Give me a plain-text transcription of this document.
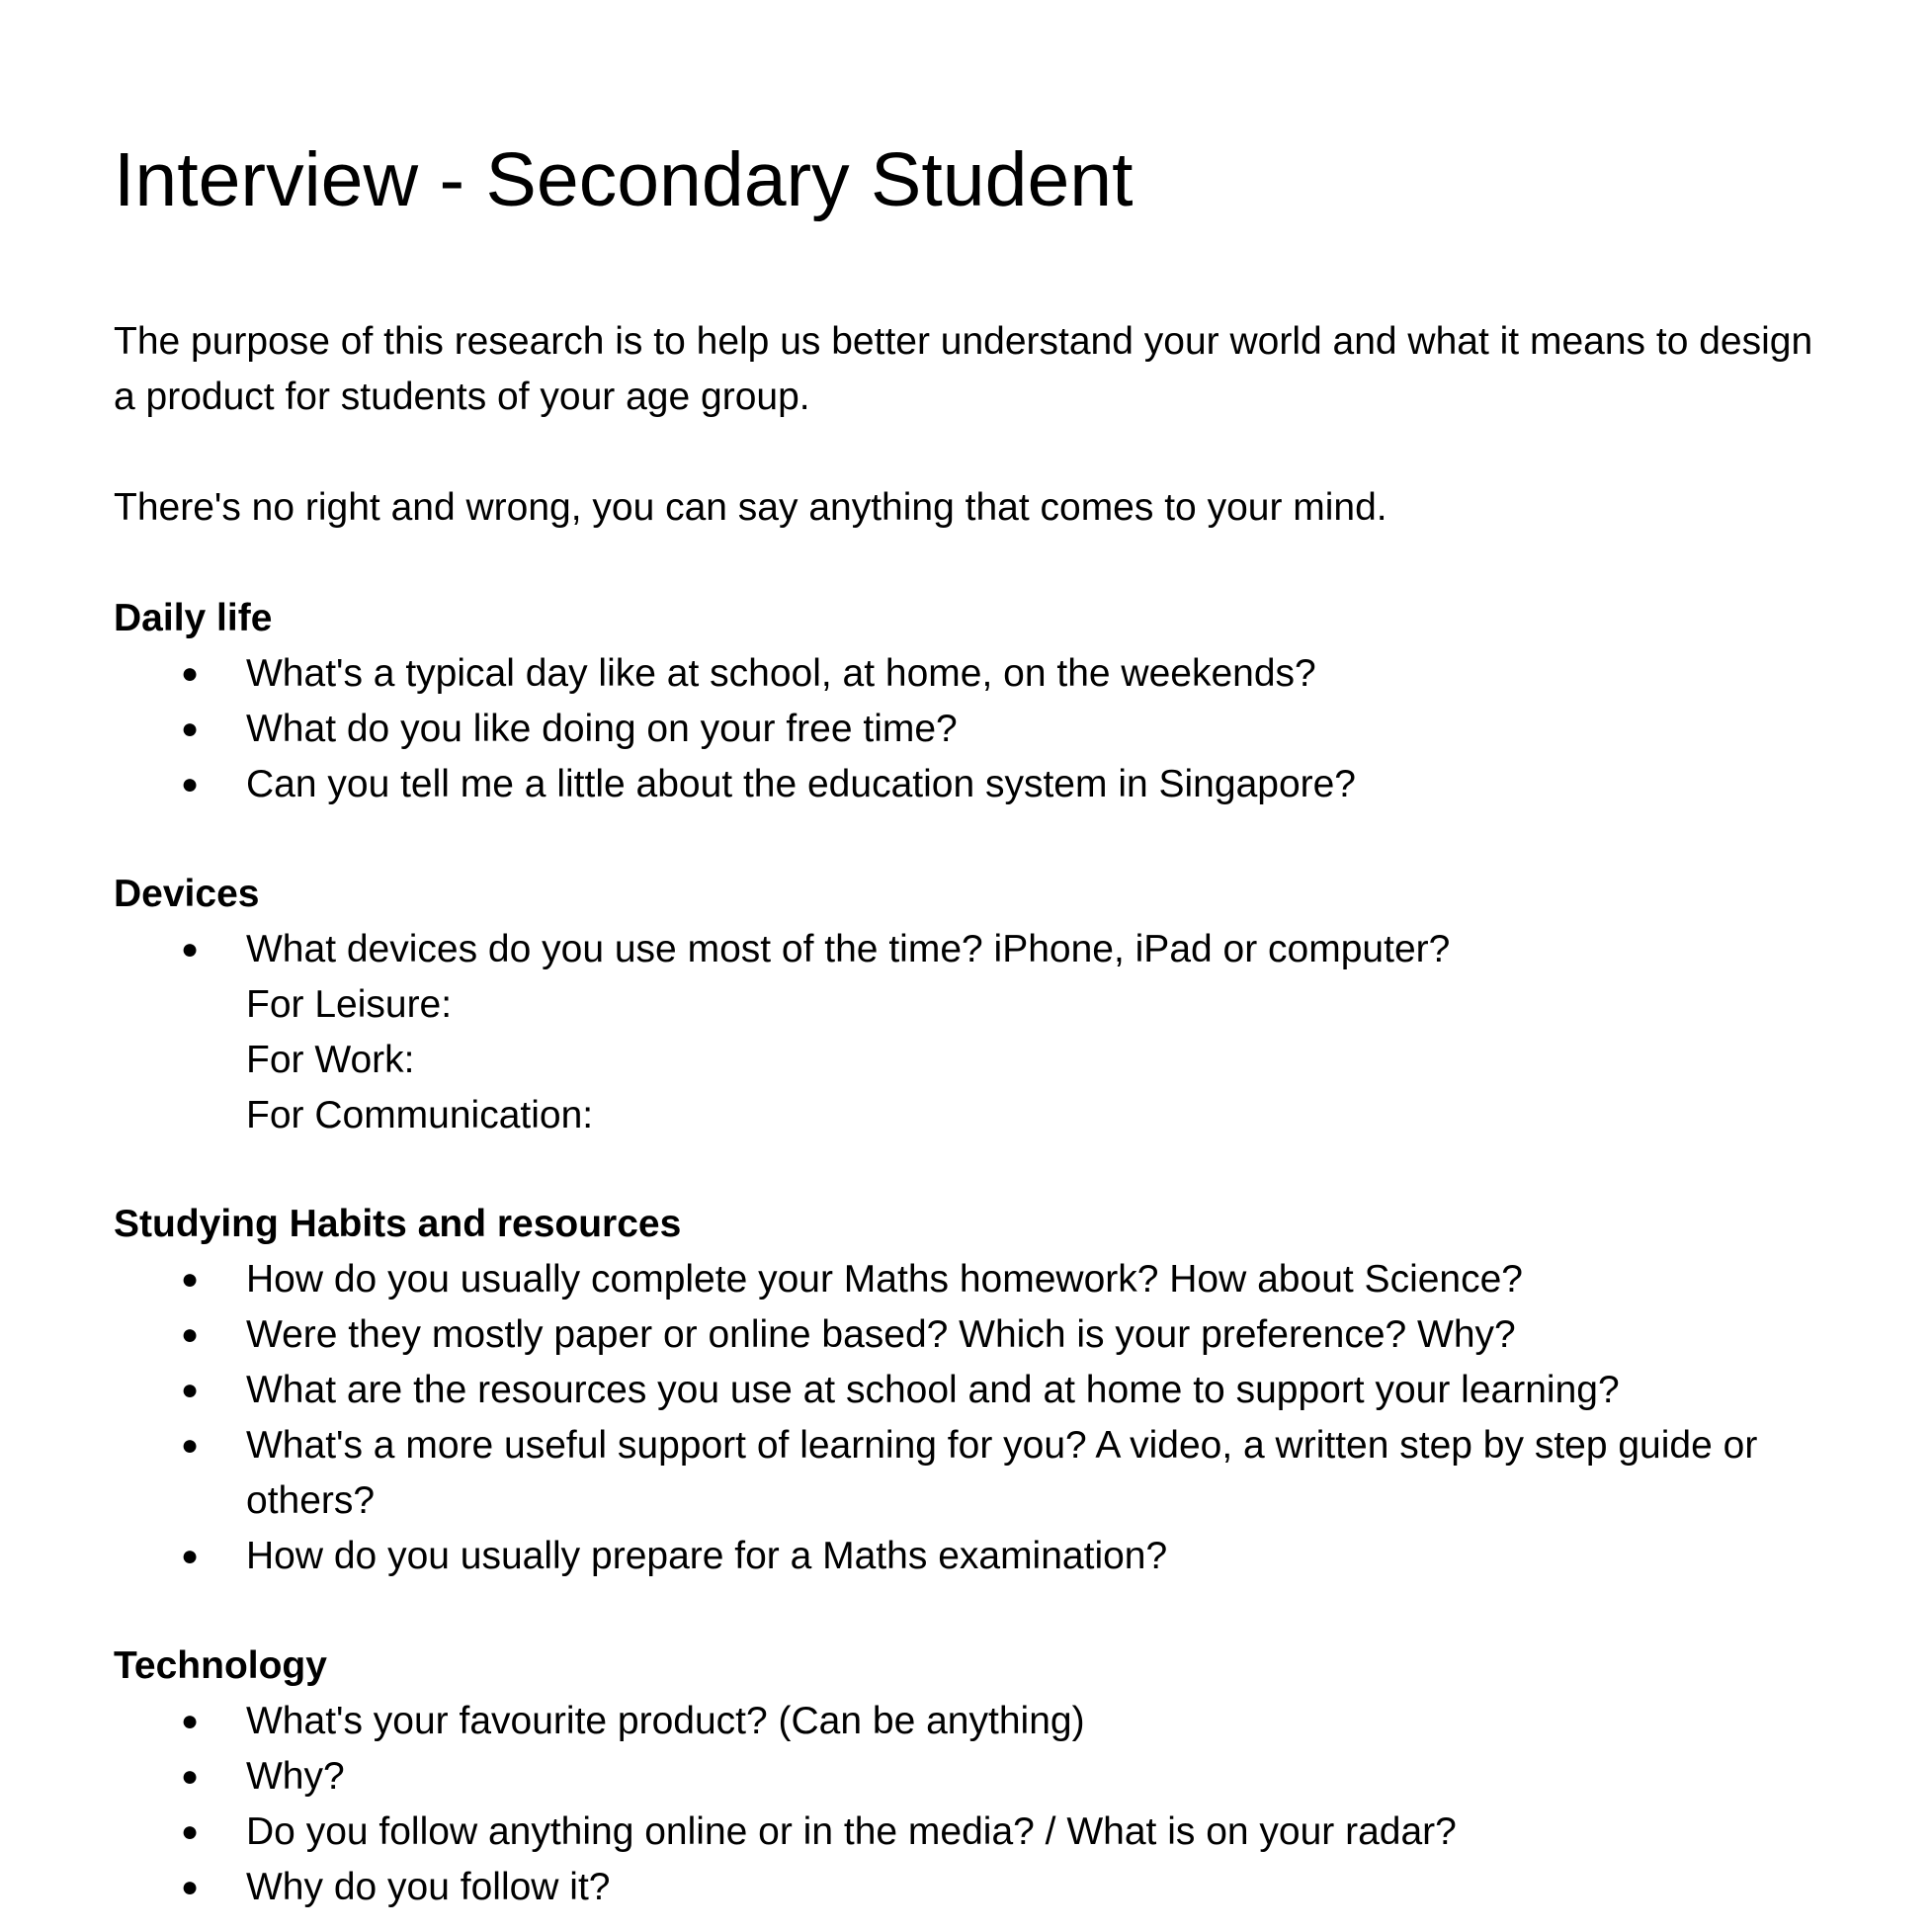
Interview - Secondary Student

The purpose of this research is to help us better understand your world and what it means to design a product for students of your age group.

There's no right and wrong, you can say anything that comes to your mind.

Daily life
●	What's a typical day like at school, at home, on the weekends?
●	What do you like doing on your free time?
●	Can you tell me a little about the education system in Singapore?
Devices
●	What devices do you use most of the time? iPhone, iPad or computer?
For Leisure:
For Work:
For Communication:
Studying Habits and resources
●	How do you usually complete your Maths homework? How about Science?
●	Were they mostly paper or online based? Which is your preference? Why?
●	What are the resources you use at school and at home to support your learning?
●	What's a more useful support of learning for you? A video, a written step by step guide or others?
●	How do you usually prepare for a Maths examination?
Technology
●	What's your favourite product? (Can be anything)
●	Why?
●	Do you follow anything online or in the media? / What is on your radar?
●	Why do you follow it?
